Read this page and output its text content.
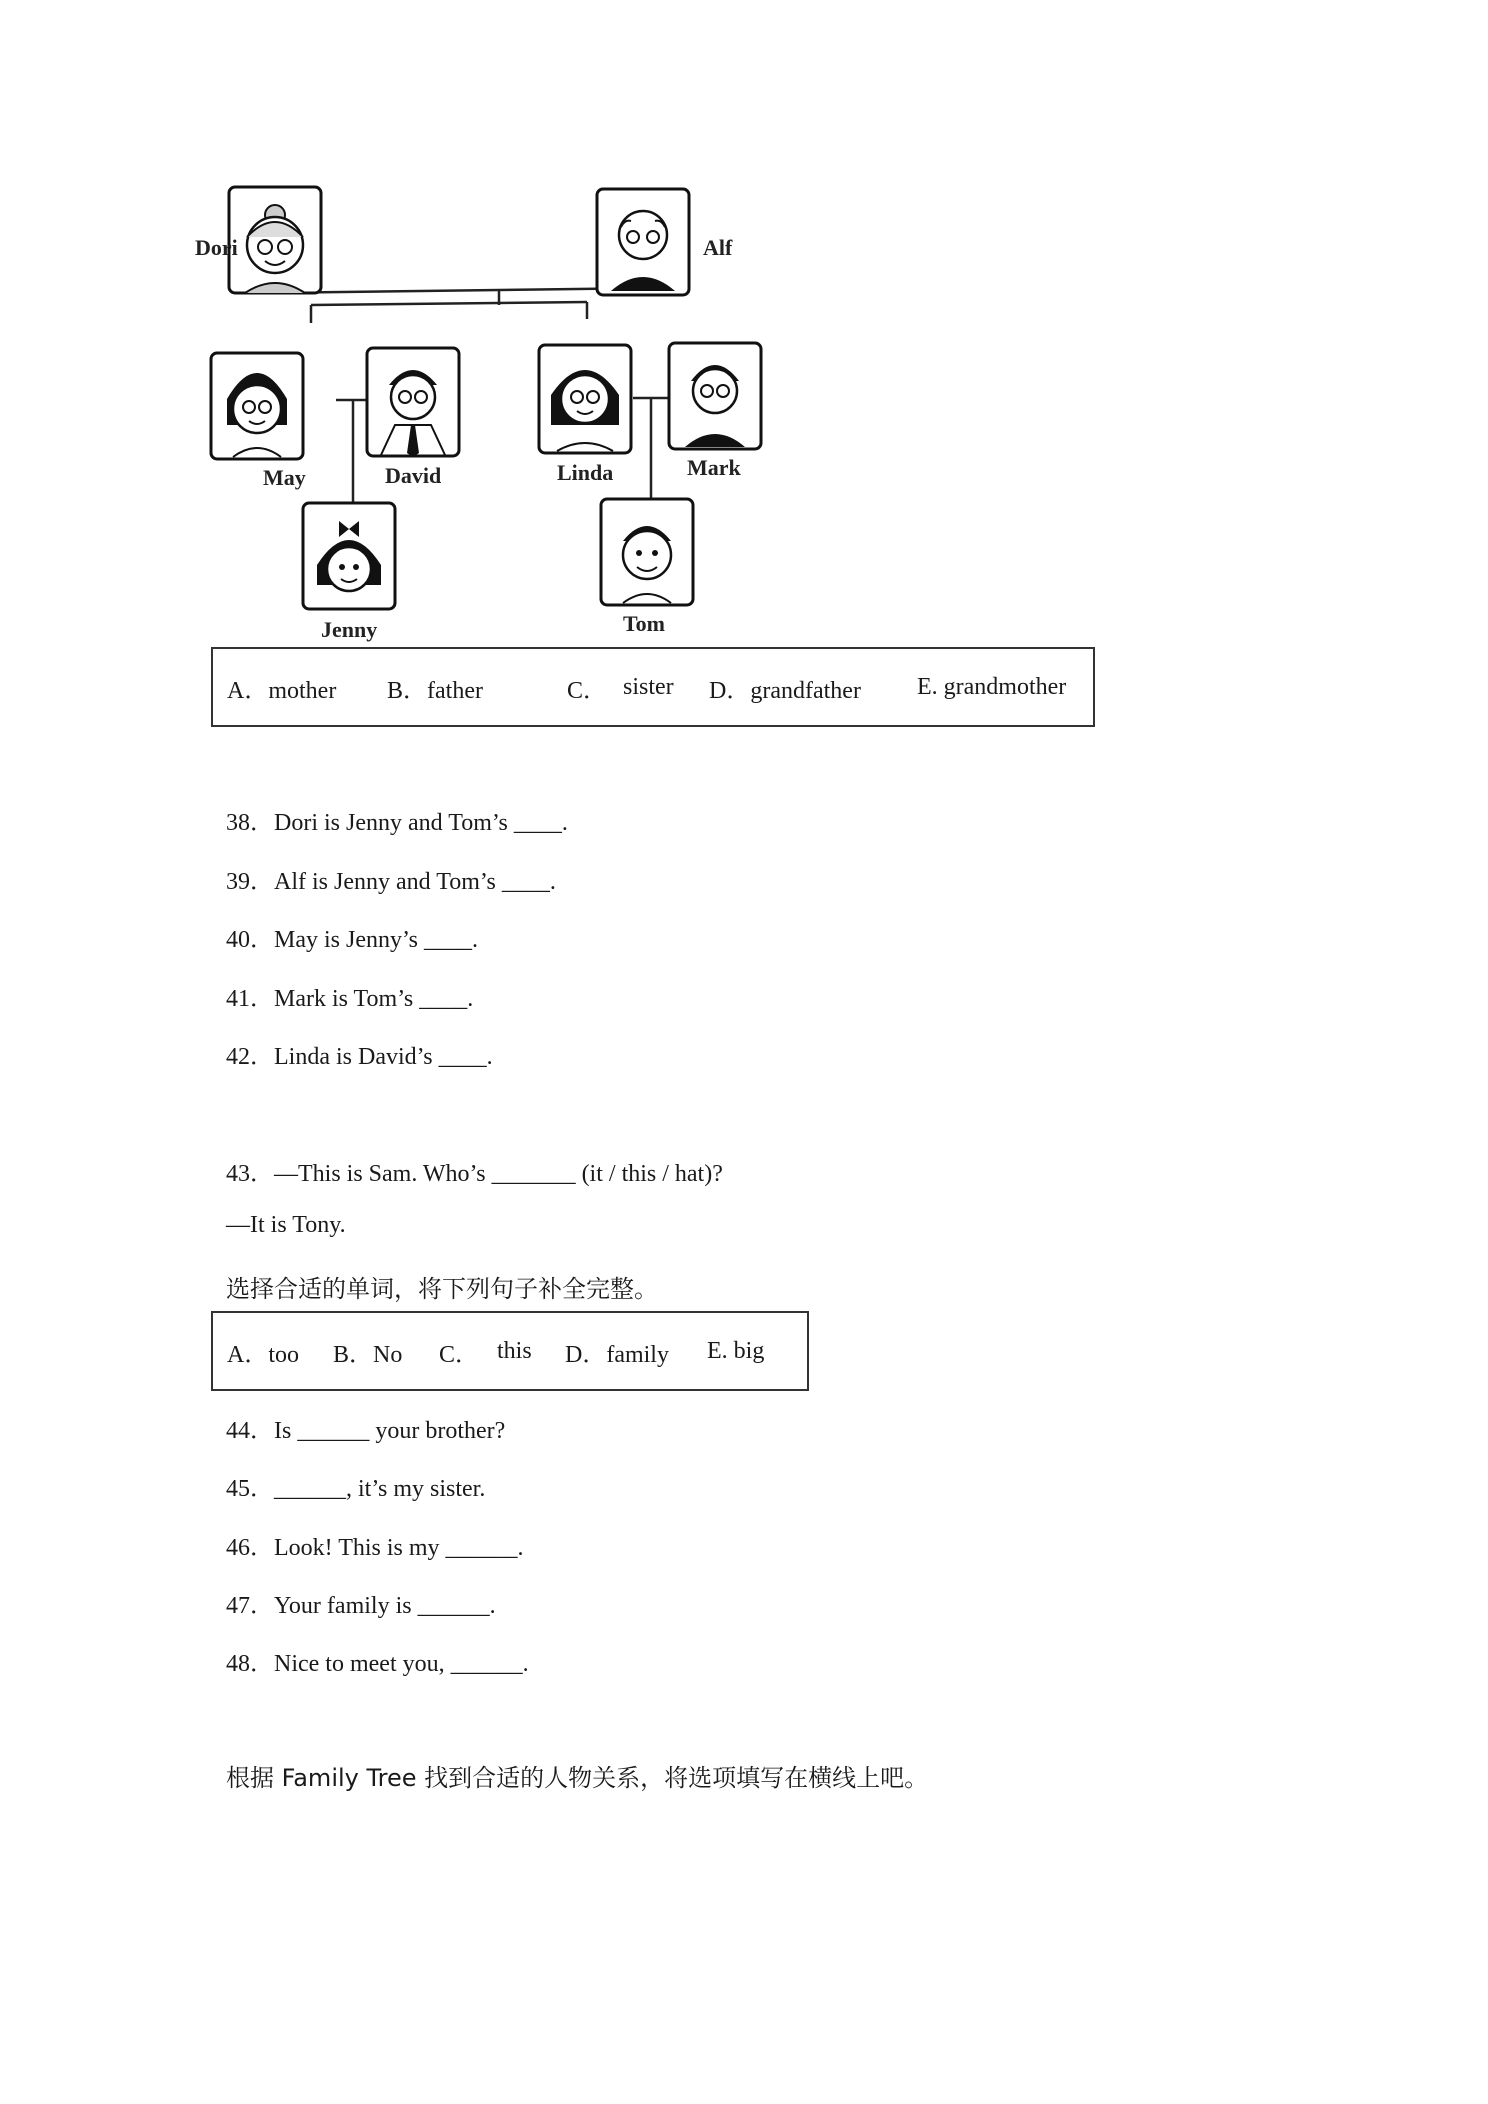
Dori	Alf
May	David	Linda	Mark
Jenny	Tom
A．mother B．father	C． sister D．grandfather E. grandmother
38．Dori is Jenny and Tom’s ____.
39．Alf is Jenny and Tom’s ____.
40．May is Jenny’s ____.
41．Mark is Tom’s ____.
42．Linda is David’s ____.
43．—This is Sam. Who’s _______ (it / this / hat)?
—It is Tony.
选择合适的单词，将下列句子补全完整。
A．too B．No C． this D．family E. big
44．Is ______ your brother?
45．______, it’s my sister.
46．Look! This is my ______.
47．Your family is ______.
48．Nice to meet you, ______.
根据 Family Tree 找到合适的人物关系，将选项填写在横线上吧。
